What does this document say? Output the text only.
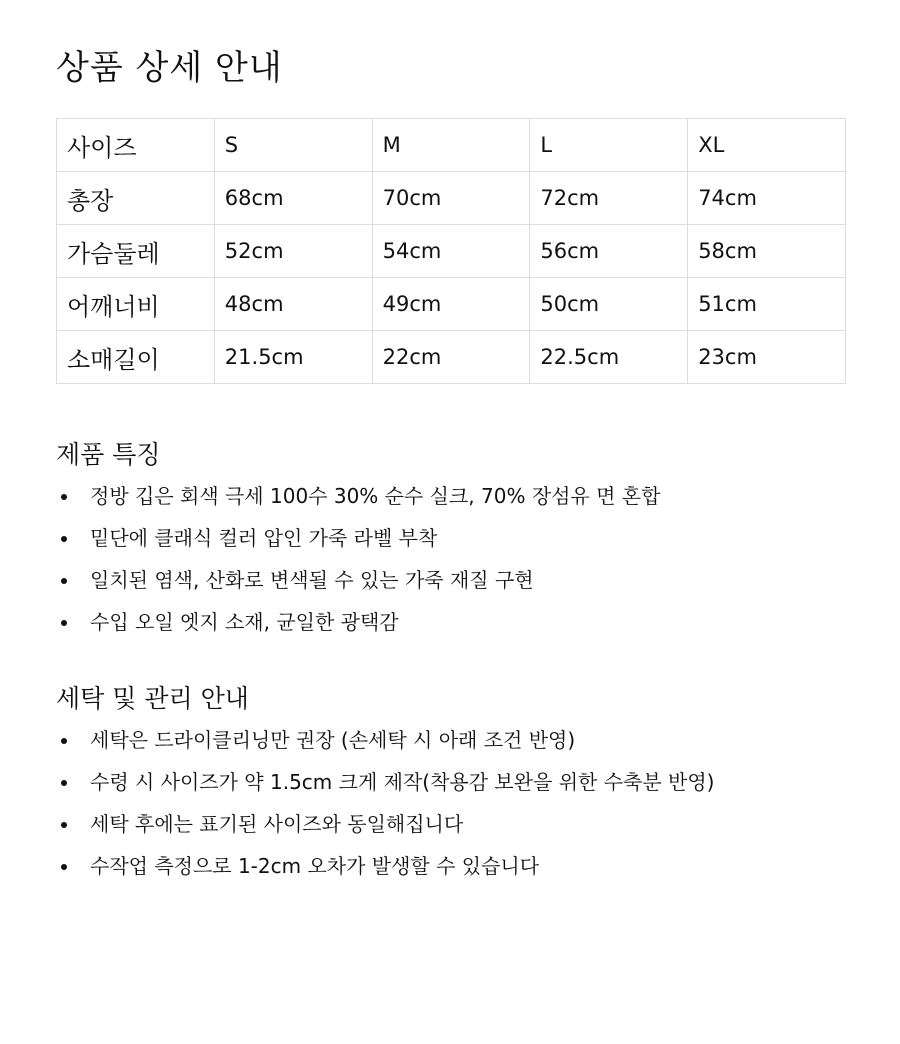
상품 상세 안내
사이즈	S	M	L	XL
총장	68cm	70cm	72cm	74cm
가슴둘레	52cm	54cm	56cm	58cm
어깨너비	48cm	49cm	50cm	51cm
소매길이	21.5cm	22cm	22.5cm	23cm
제품 특징
정방 깁은 회색 극세 100수 30% 순수 실크, 70% 장섬유 면 혼합
밑단에 클래식 컬러 압인 가죽 라벨 부착
일치된 염색, 산화로 변색될 수 있는 가죽 재질 구현
수입 오일 엣지 소재, 균일한 광택감
세탁 및 관리 안내
세탁은 드라이클리닝만 권장 (손세탁 시 아래 조건 반영)
수령 시 사이즈가 약 1.5cm 크게 제작(착용감 보완을 위한 수축분 반영)
세탁 후에는 표기된 사이즈와 동일해집니다
수작업 측정으로 1-2cm 오차가 발생할 수 있습니다
